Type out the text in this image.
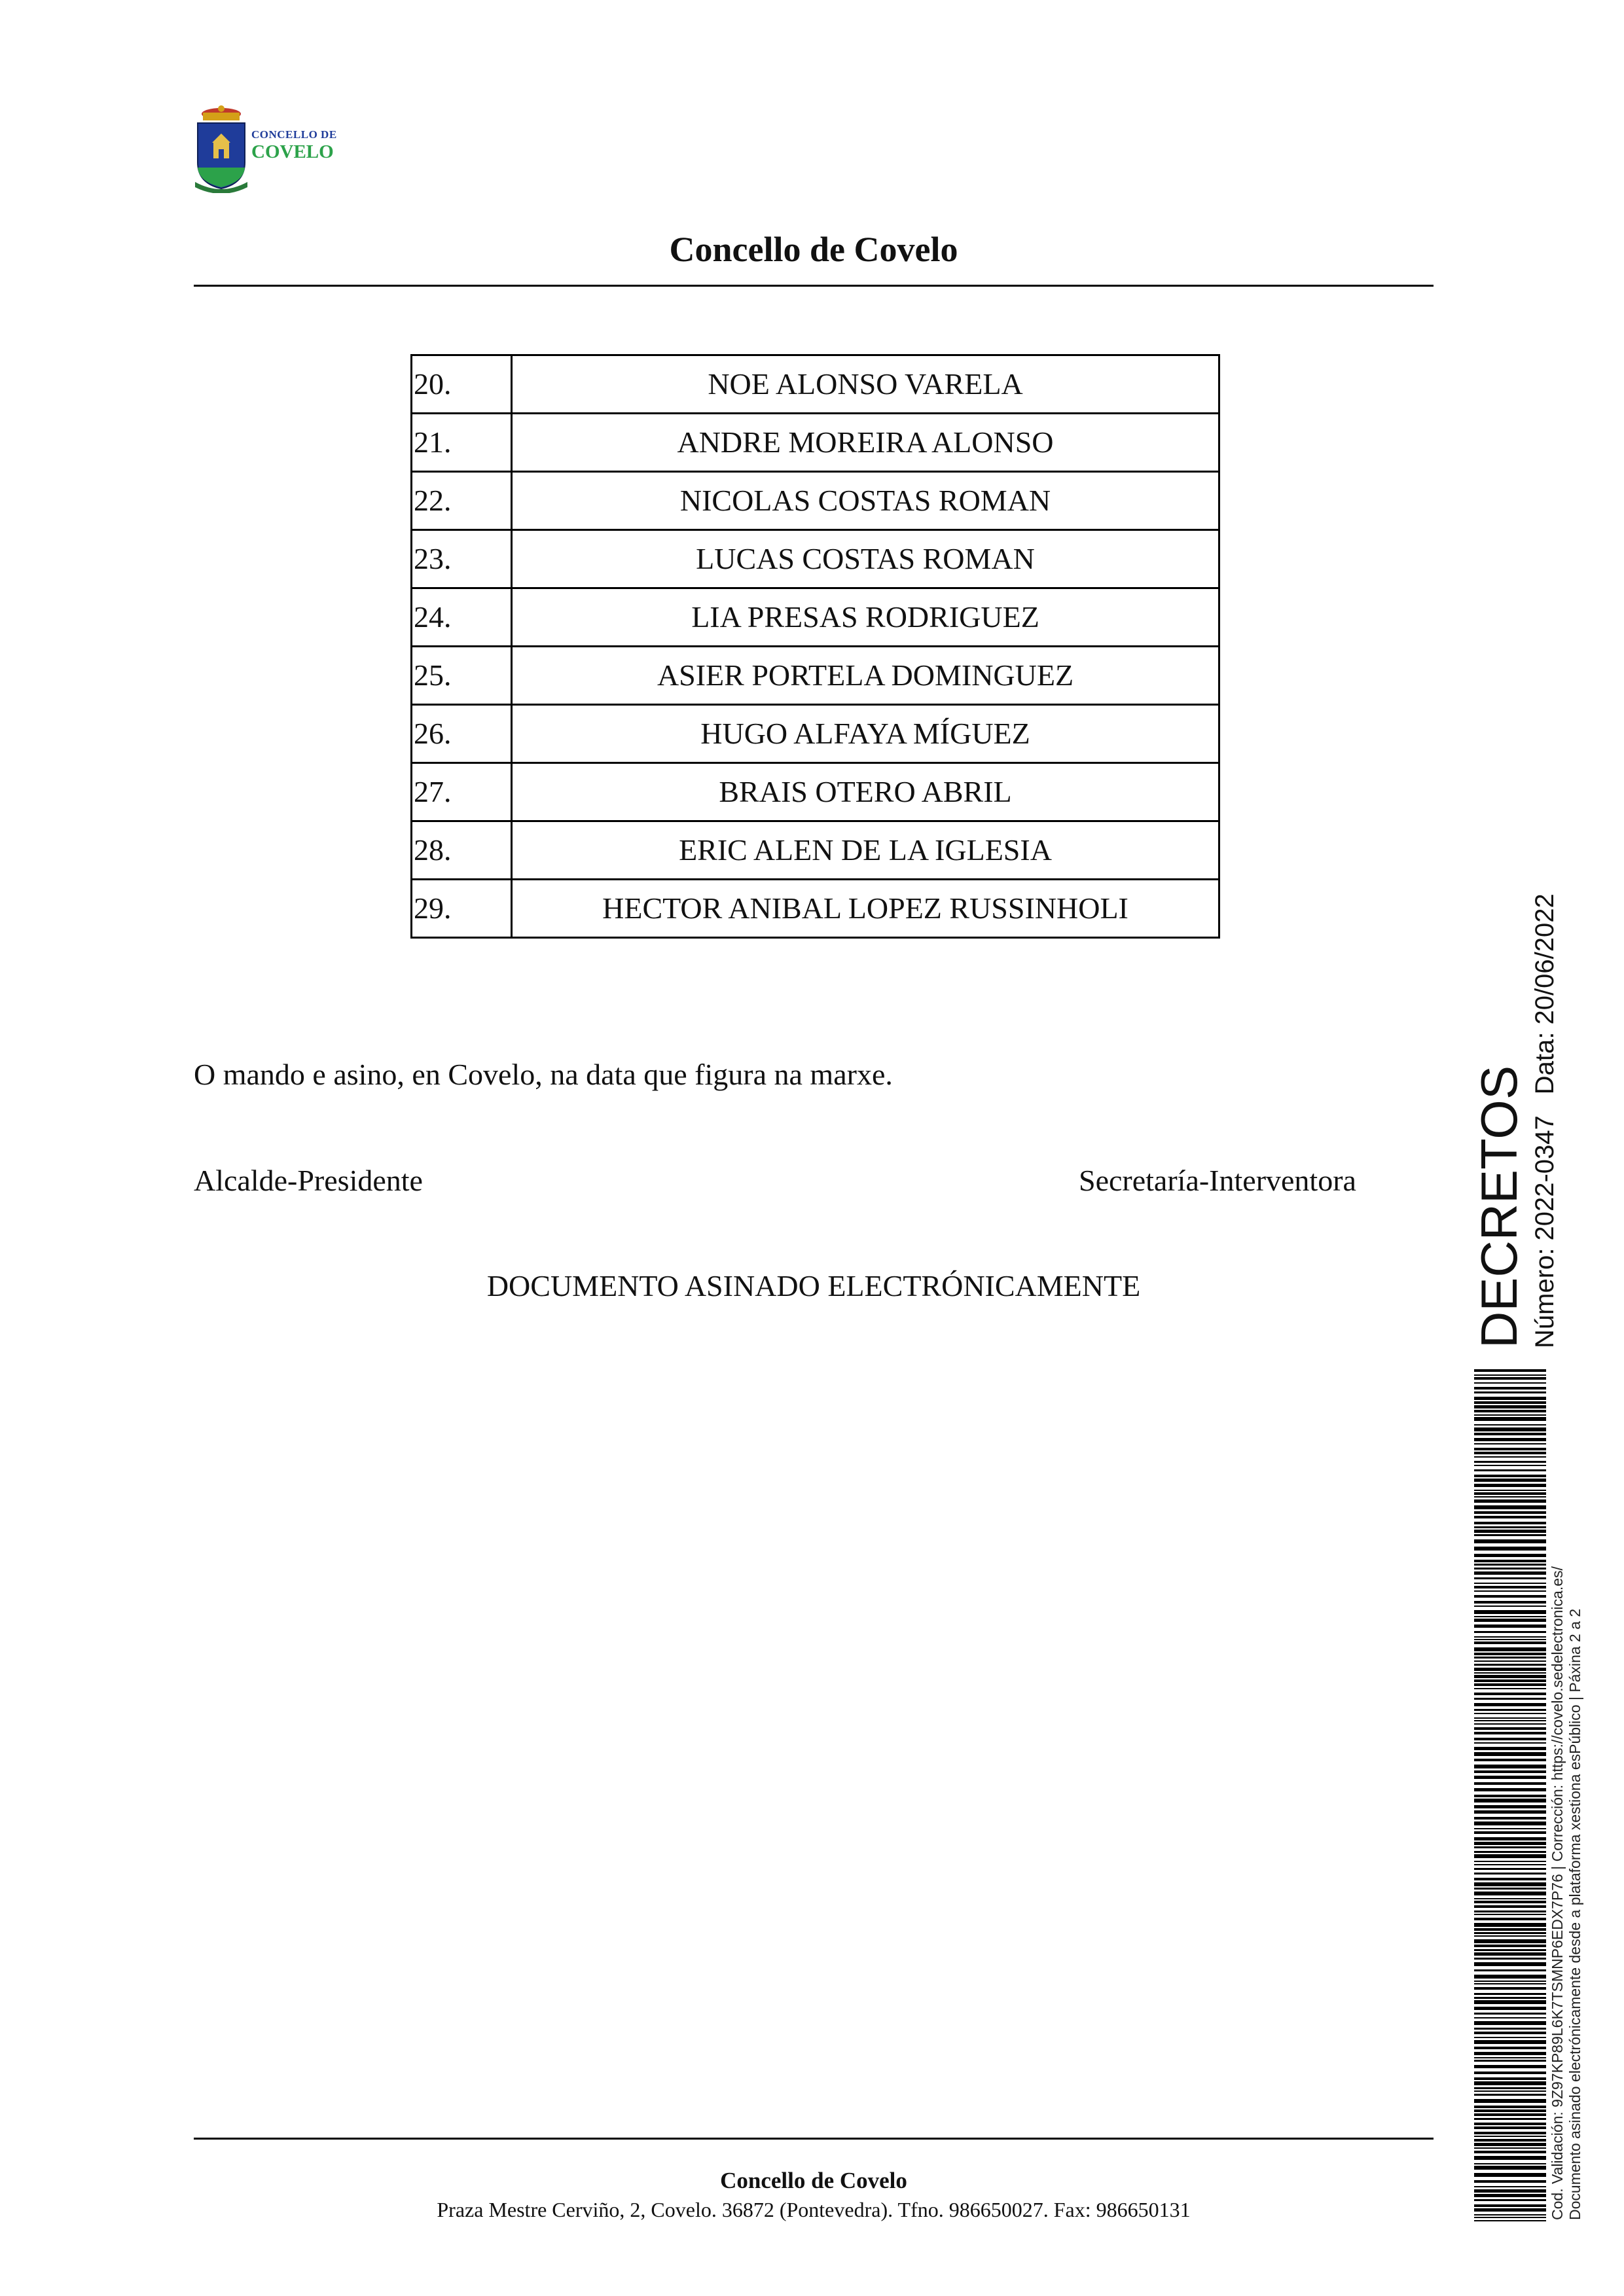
CONCELLO DE
COVELO
Concello de Covelo
20.	NOE ALONSO VARELA
21.	ANDRE MOREIRA ALONSO
22.	NICOLAS COSTAS ROMAN
23.	LUCAS COSTAS ROMAN
24.	LIA PRESAS RODRIGUEZ
25.	ASIER PORTELA DOMINGUEZ
26.	HUGO ALFAYA MÍGUEZ
27.	BRAIS OTERO ABRIL
28.	ERIC ALEN DE LA IGLESIA
29.	HECTOR ANIBAL LOPEZ RUSSINHOLI
O mando e asino, en Covelo, na data que figura na marxe.
Alcalde-Presidente	Secretaría-Interventora
DOCUMENTO ASINADO ELECTRÓNICAMENTE
Concello de Covelo
Praza Mestre Cerviño, 2, Covelo. 36872 (Pontevedra). Tfno. 986650027. Fax: 986650131
DECRETOS Número: 2022-0347Data: 20/06/2022
Cod. Validación: 9Z97KP89L6K7TSMNP6EDX7P76 | Corrección: https://covelo.sedelectronica.es/ Documento asinado electrónicamente desde a plataforma xestiona esPúblico | Páxina 2 a 2
